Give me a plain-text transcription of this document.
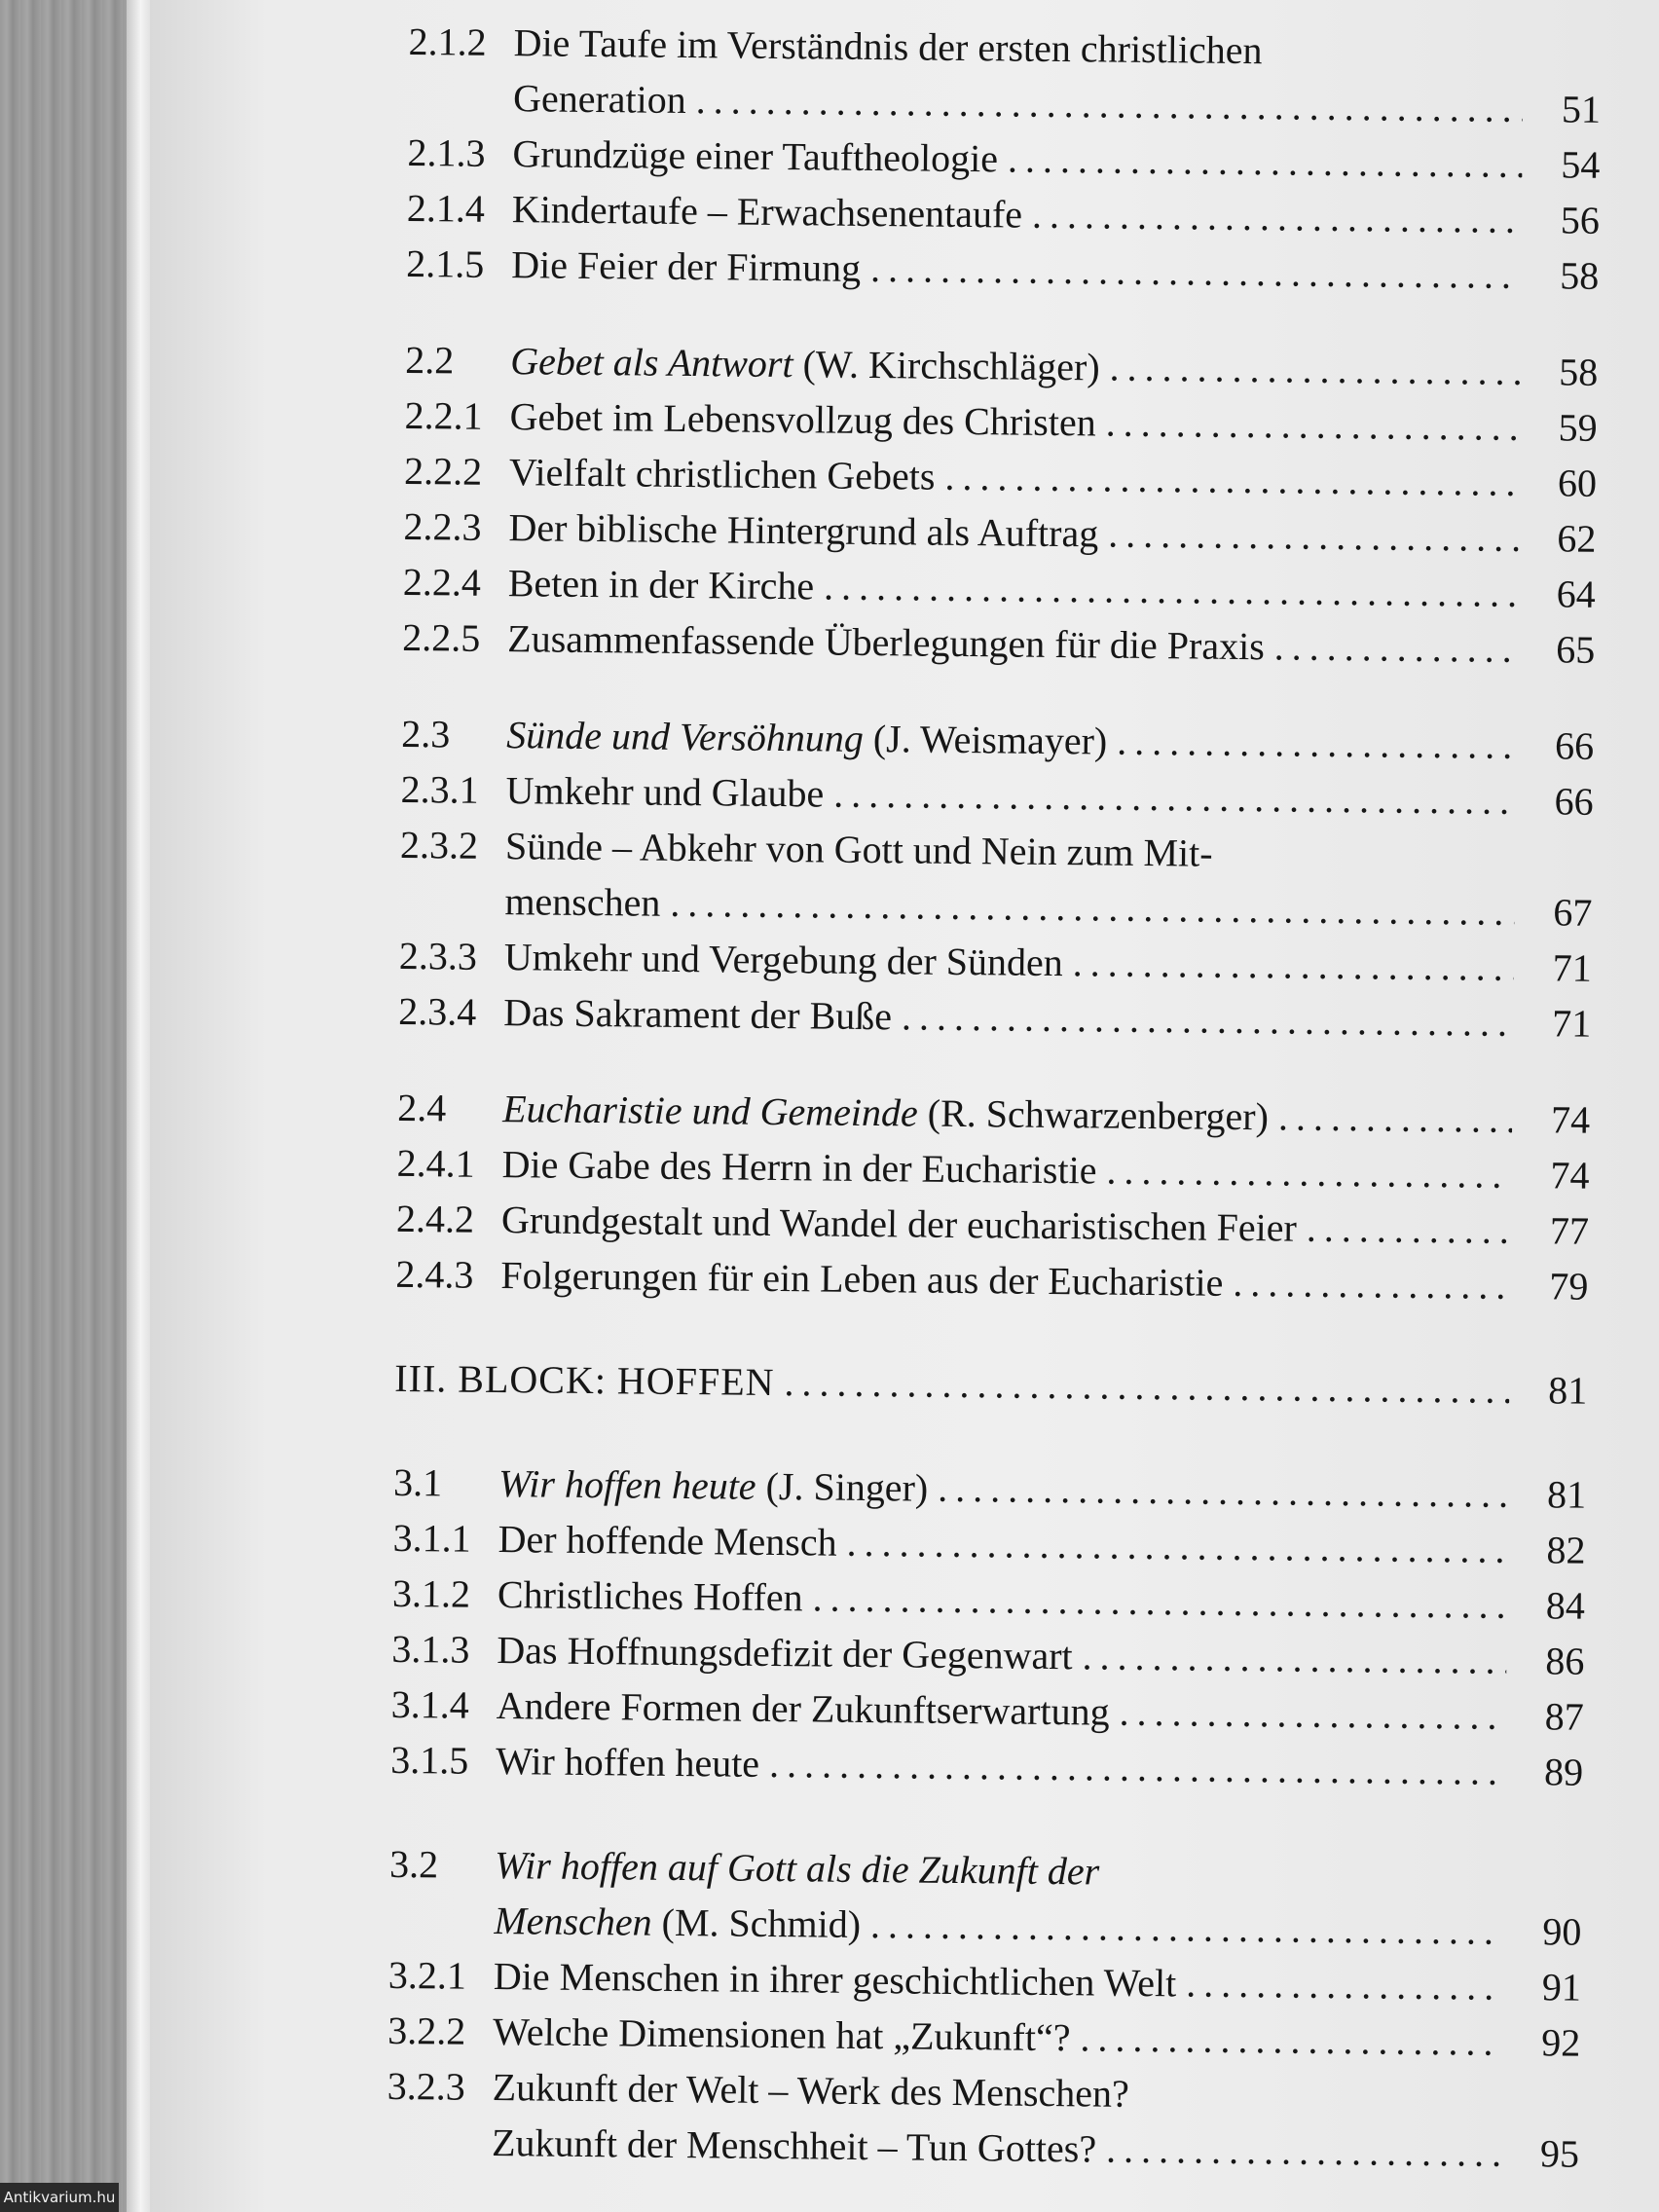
2.1.2 Die Taufe im Verständnis der ersten christlichen
Generation .....	51
2.1.3 Grundzüge einer Tauftheologie .....	54
2.1.4 Kindertaufe – Erwachsenentaufe .....	56
2.1.5 Die Feier der Firmung .....	58
2.2	Gebet als Antwort (W. Kirchschläger) .....	58
2.2.1 Gebet im Lebensvollzug des Christen .....	59
2.2.2 Vielfalt christlichen Gebets .....	60
2.2.3 Der biblische Hintergrund als Auftrag .....	62
2.2.4 Beten in der Kirche .....	64
2.2.5 Zusammenfassende Überlegungen für die Praxis .....	65
2.3	Sünde und Versöhnung (J. Weismayer) .....	66
2.3.1 Umkehr und Glaube .....	66
2.3.2 Sünde – Abkehr von Gott und Nein zum Mit-
menschen .....	67
2.3.3 Umkehr und Vergebung der Sünden .....	71
2.3.4 Das Sakrament der Buße .....	71
2.4	Eucharistie und Gemeinde (R. Schwarzenberger) .....	74
2.4.1 Die Gabe des Herrn in der Eucharistie .....	74
2.4.2 Grundgestalt und Wandel der eucharistischen Feier .....	77
2.4.3 Folgerungen für ein Leben aus der Eucharistie .....	79
III. BLOCK: HOFFEN .....	81
3.1	Wir hoffen heute (J. Singer) .....	81
3.1.1 Der hoffende Mensch .....	82
3.1.2 Christliches Hoffen .....	84
3.1.3 Das Hoffnungsdefizit der Gegenwart .....	86
3.1.4 Andere Formen der Zukunftserwartung .....	87
3.1.5 Wir hoffen heute .....	89
3.2	Wir hoffen auf Gott als die Zukunft der
Menschen (M. Schmid) .....	90
3.2.1 Die Menschen in ihrer geschichtlichen Welt .....	91
3.2.2 Welche Dimensionen hat „Zukunft“? .....	92
3.2.3 Zukunft der Welt – Werk des Menschen?
Zukunft der Menschheit – Tun Gottes? .....	95
Antikvarium.hu
